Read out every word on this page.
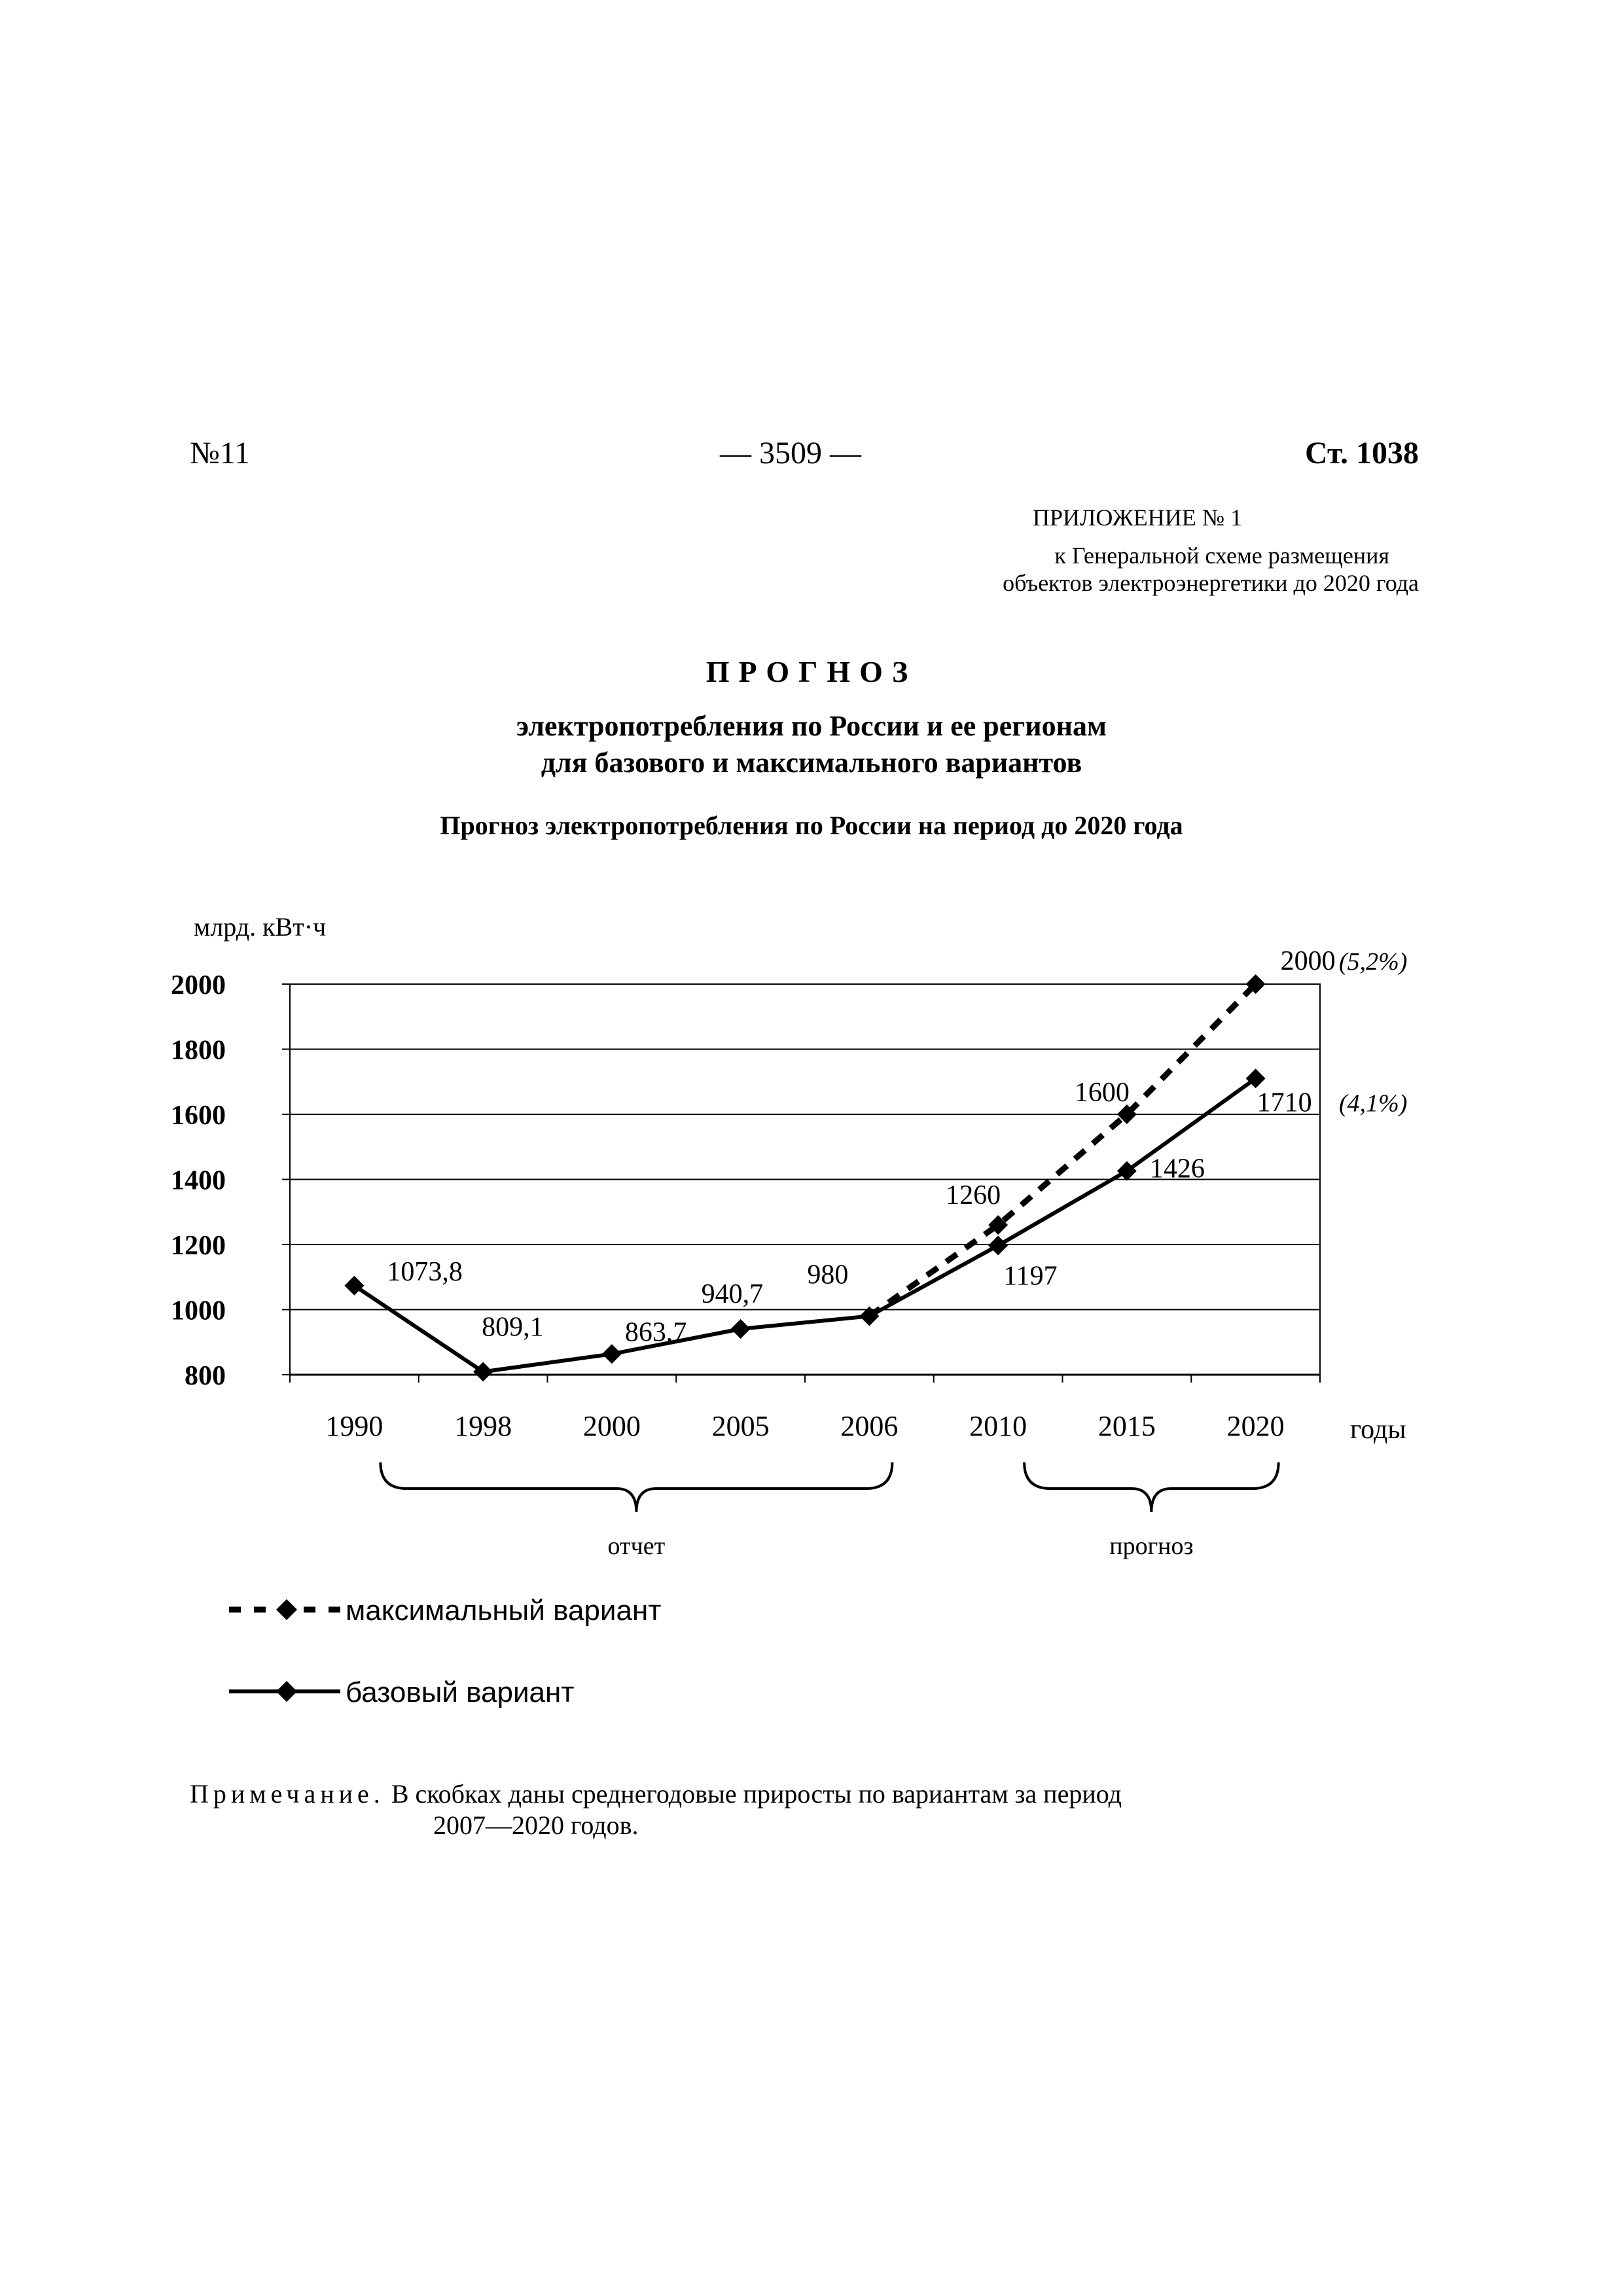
№11	— 3509 —	Ст. 1038
ПРИЛОЖЕНИЕ № 1
к Генеральной схеме размещения
объектов электроэнергетики до 2020 года
ПРОГНОЗ
электропотребления по России и ее регионам
для базового и максимального вариантов
Прогноз электропотребления по России на период до 2020 года
800
1000
1200
1400
1600
1800
2000
1990 1998 2000 2005 2006 2010 2015 2020
млрд. кВт·ч
годы
1260
1600
2000
1073,8
809,1	863,7
940,7
980	1197
1426
1710
(5,2%)
(4,1%)
отчет	прогноз
максимальный вариант
базовый вариант
Примечание. В скобках даны среднегодовые приросты по вариантам за период
2007—2020 годов.
